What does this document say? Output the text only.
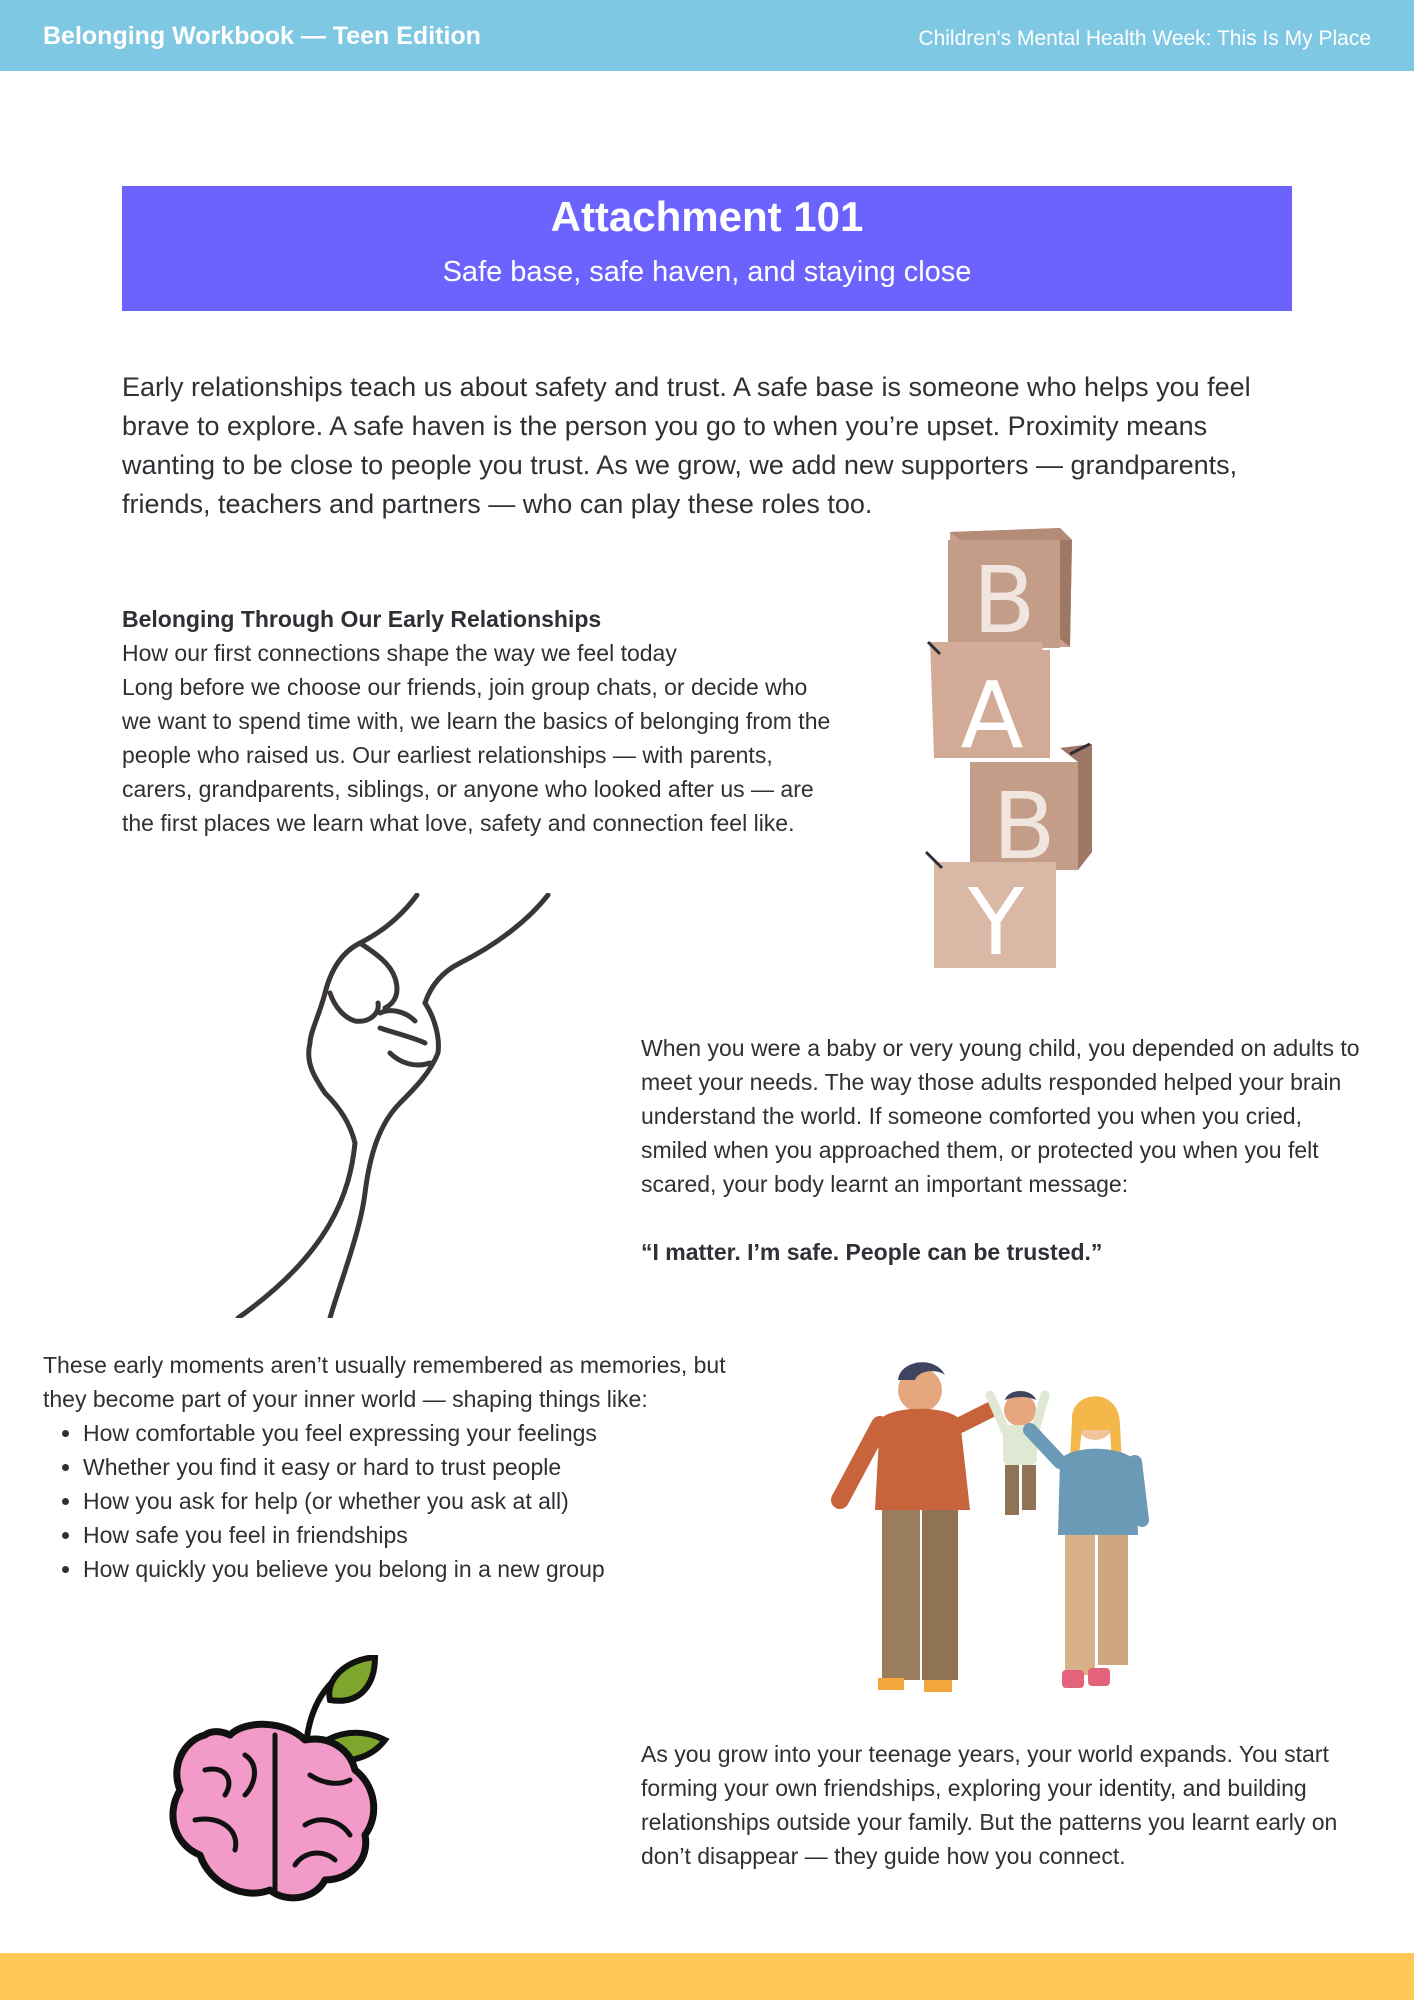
Belonging Workbook — Teen Edition	Children's Mental Health Week: This Is My Place
Attachment 101
Safe base, safe haven, and staying close

Early relationships teach us about safety and trust. A safe base is someone who helps you feel brave to explore. A safe haven is the person you go to when you’re upset. Proximity means wanting to be close to people you trust. As we grow, we add new supporters — grandparents, friends, teachers and partners — who can play these roles too.

Belonging Through Our Early Relationships
How our first connections shape the way we feel today
Long before we choose our friends, join group chats, or decide who we want to spend time with, we learn the basics of belonging from the people who raised us. Our earliest relationships — with parents, carers, grandparents, siblings, or anyone who looked after us — are the first places we learn what love, safety and connection feel like.
B
A
B
Y
When you were a baby or very young child, you depended on adults to meet your needs. The way those adults responded helped your brain understand the world. If someone comforted you when you cried, smiled when you approached them, or protected you when you felt scared, your body learnt an important message:
“I matter. I’m safe. People can be trusted.”
These early moments aren’t usually remembered as memories, but they become part of your inner world — shaping things like:
• How comfortable you feel expressing your feelings
• Whether you find it easy or hard to trust people
• How you ask for help (or whether you ask at all)
• How safe you feel in friendships
• How quickly you believe you belong in a new group
As you grow into your teenage years, your world expands. You start forming your own friendships, exploring your identity, and building relationships outside your family. But the patterns you learnt early on don’t disappear — they guide how you connect.
